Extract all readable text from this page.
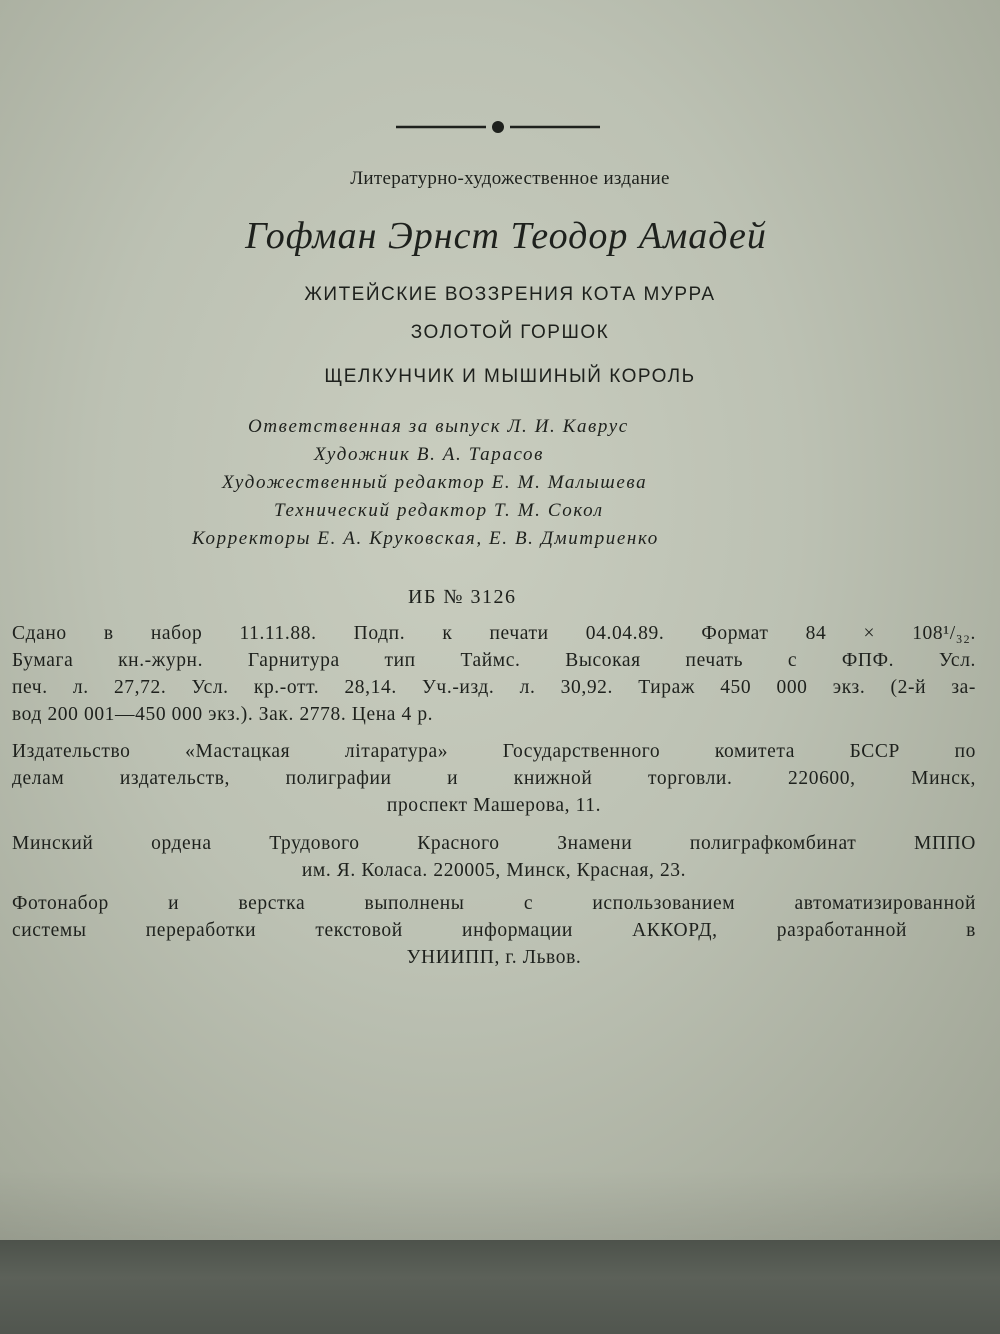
Литературно-художественное издание
Гофман Эрнст Теодор Амадей
ЖИТЕЙСКИЕ ВОЗЗРЕНИЯ КОТА МУРРА
ЗОЛОТОЙ ГОРШОК
ЩЕЛКУНЧИК И МЫШИНЫЙ КОРОЛЬ
Ответственная за выпуск Л. И. Каврус
Художник В. А. Тарасов
Художественный редактор Е. М. Малышева
Технический редактор Т. М. Сокол
Корректоры Е. А. Круковская, Е. В. Дмитриенко
ИБ № 3126
Сдано в набор 11.11.88. Подп. к печати 04.04.89. Формат 84 × 108¹/₃₂.
Бумага кн.-журн. Гарнитура тип Таймс. Высокая печать с ФПФ. Усл.
печ. л. 27,72. Усл. кр.-отт. 28,14. Уч.-изд. л. 30,92. Тираж 450 000 экз. (2-й за-
вод 200 001—450 000 экз.). Зак. 2778. Цена 4 р.
Издательство «Мастацкая літаратура» Государственного комитета БССР по
делам издательств, полиграфии и книжной торговли. 220600, Минск,
проспект Машерова, 11.
Минский ордена Трудового Красного Знамени полиграфкомбинат МППО
им. Я. Коласа. 220005, Минск, Красная, 23.
Фотонабор и верстка выполнены с использованием автоматизированной
системы переработки текстовой информации АККОРД, разработанной в
УНИИПП, г. Львов.
